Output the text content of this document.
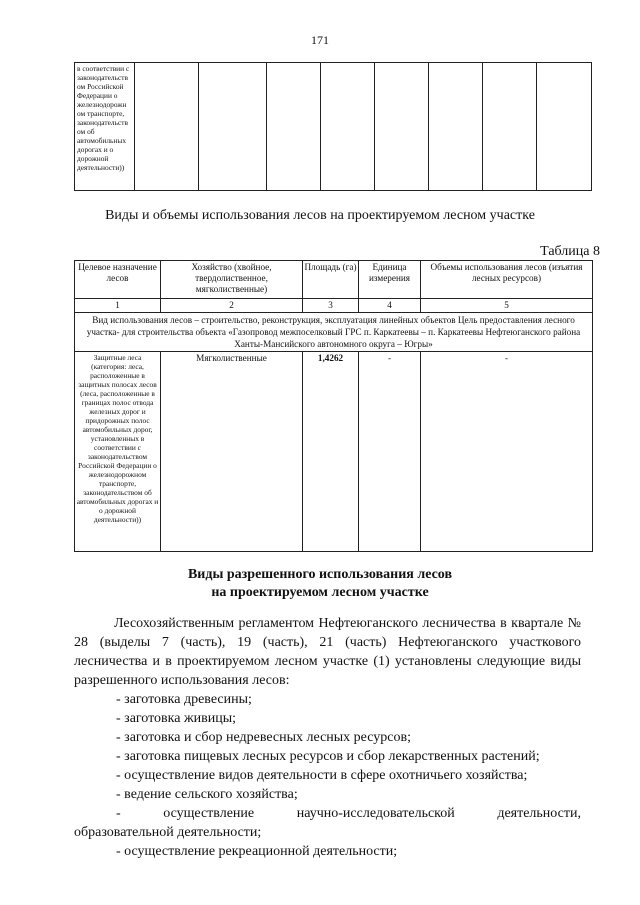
171
в соответствии с законодательств ом Российской Федерации о железнодорожн ом транспорте, законодательств ом об автомобильных дорогах и о дорожной деятельности))								
Виды и объемы использования лесов на проектируемом лесном участке
Таблица 8
Целевое назначение лесов	Хозяйство (хвойное, твердолиственное, мягколиственные)	Площадь (га)	Единица измерения	Объемы использования лесов (изъятия лесных ресурсов)
1	2	3	4	5
Вид использования лесов – строительство, реконструкция, эксплуатация линейных объектов Цель предоставления лесного участка- для строительства объекта «Газопровод межпоселковый ГРС п. Каркатеевы – п. Каркатеевы Нефтеюганского района Ханты-Мансийского автономного округа – Югры»				
Защитные леса (категория: леса, расположенные в защитных полосах лесов (леса, расположенные в границах полос отвода железных дорог и придорожных полос автомобильных дорог, установленных в соответствии с законодательством Российской Федерации о железнодорожном транспорте, законодательством об автомобильных дорогах и о дорожной деятельности))	Мягколиственные	1,4262	-	-
Виды разрешенного использования лесов
на проектируемом лесном участке

Лесохозяйственным регламентом Нефтеюганского лесничества в квартале № 28 (выделы 7 (часть), 19 (часть), 21 (часть) Нефтеюганского участкового лесничества и в проектируемом лесном участке (1) установлены следующие виды разрешенного использования лесов:

- заготовка древесины;

- заготовка живицы;

- заготовка и сбор недревесных лесных ресурсов;

- заготовка пищевых лесных ресурсов и сбор лекарственных растений;

- осуществление видов деятельности в сфере охотничьего хозяйства;

- ведение сельского хозяйства;

-	осуществление	научно-исследовательской	деятельности,

образовательной деятельности;

- осуществление рекреационной деятельности;
